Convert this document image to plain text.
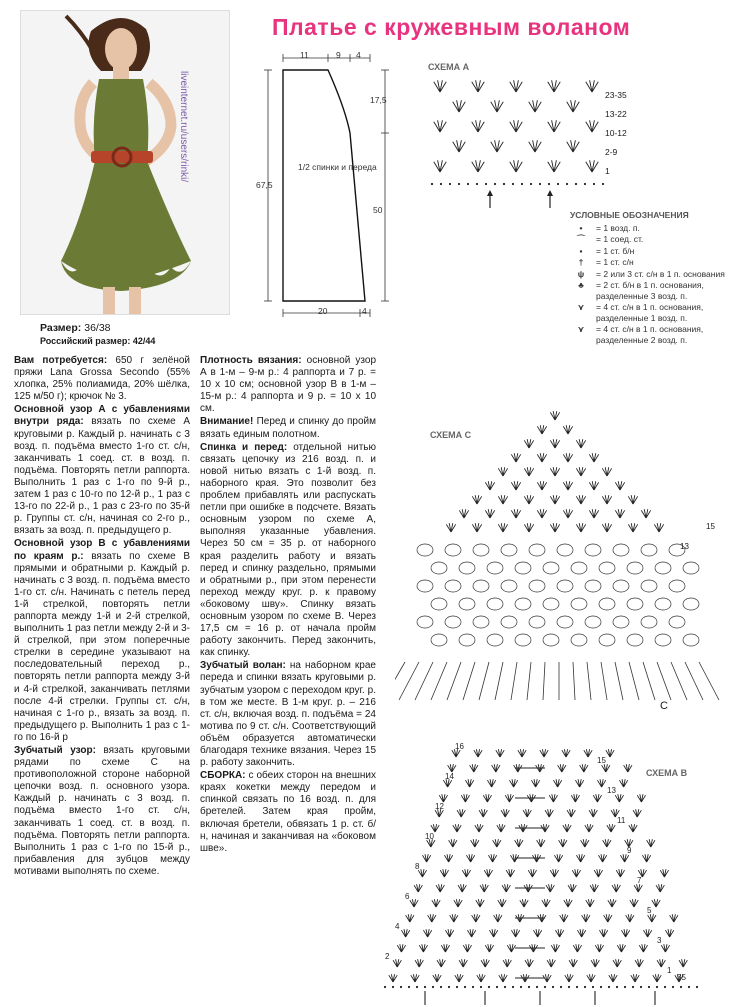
liveinternet.ru/users/rinki/
Платье с кружевным воланом
Размер: 36/38
Российский размер: 42/44
11	9 4
67,5
17,5
50
20	4
1/2 спинки и переда
СХЕМА А
23-35
13-22
10-12
2-9
1
УСЛОВНЫЕ ОБОЗНАЧЕНИЯ
•	= 1 возд. п.
⌒	= 1 соед. ст.
▪	= 1 ст. б/н
†	= 1 ст. с/н
ψ	= 2 или 3 ст. с/н в 1 п. основания
♣	= 2 ст. б/н в 1 п. основания, разделенные 3 возд. п.
⋎	= 4 ст. с/н в 1 п. основания, разделенные 1 возд. п.
⋎	= 4 ст. с/н в 1 п. основания, разделенные 2 возд. п.

Вам потребуется: 650 г зелёной пряжи Lana Grossa Secondo (55% хлопка, 25% полиамида, 20% шёлка, 125 м/50 г); крючок № 3.

Основной узор А с убавлениями внутри ряда: вязать по схеме А круговыми р. Каждый р. начинать с 3 возд. п. подъёма вместо 1-го ст. с/н, заканчивать 1 соед. ст. в возд. п. подъёма. Повторять петли раппорта. Выполнить 1 раз с 1-го по 9-й р., затем 1 раз с 10-го по 12-й р., 1 раз с 13-го по 22-й р., 1 раз с 23-го по 35-й р. Группы ст. с/н, начиная со 2-го р., вязать за возд. п. предыдущего р.

Основной узор В с убавлениями по краям р.: вязать по схеме В прямыми и обратными р. Каждый р. начинать с 3 возд. п. подъёма вместо 1-го ст. с/н. Начинать с петель перед 1-й стрелкой, повторять петли раппорта между 1-й и 2-й стрелкой, выполнить 1 раз петли между 2-й и 3-й стрелкой, при этом поперечные стрелки в середине указывают на последовательный переход р., повторять петли раппорта между 3-й и 4-й стрелкой, заканчивать петлями после 4-й стрелки. Группы ст. с/н, начиная с 1-го р., вязать за возд. п. предыдущего р. Выполнить 1 раз с 1-го по 16-й р

Зубчатый узор: вязать круговыми рядами по схеме С на противоположной стороне наборной цепочки возд. п. основного узора. Каждый р. начинать с 3 возд. п. подъёма вместо 1-го ст. с/н, заканчивать 1 соед. ст. в возд. п. подъёма. Повторять петли раппорта. Выполнить 1 раз с 1-го по 15-й р., прибавления для зубцов между мотивами выполнять по схеме.

Плотность вязания: основной узор А в 1-м – 9-м р.: 4 раппорта и 7 р. = 10 х 10 см; основной узор В в 1-м – 15-м р.: 4 раппорта и 9 р. = 10 х 10 см.

Внимание! Перед и спинку до пройм вязать единым полотном.

Спинка и перед: отдельной нитью связать цепочку из 216 возд. п. и новой нитью вязать с 1-й возд. п. наборного края. Это позволит без проблем прибавлять или распускать петли при ошибке в подсчете. Вязать основным узором по схеме А, выполняя указанные убавления. Через 50 см = 35 р. от наборного края разделить работу и вязать перед и спинку раздельно, прямыми и обратными р., при этом перенести переход между круг. р. к правому «боковому шву». Спинку вязать основным узором по схеме В. Через 17,5 см = 16 р. от начала пройм работу закончить. Перед закончить, как спинку.

Зубчатый волан: на наборном крае переда и спинки вязать круговыми р. зубчатым узором с переходом круг. р. в том же месте. В 1-м круг. р. – 216 ст. с/н, включая возд. п. подъёма = 24 мотива по 9 ст. с/н. Соответствующий объём образуется автоматически благодаря технике вязания. Через 15 р. работу закончить.

СБОРКА: с обеих сторон на внешних краях кокетки между передом и спинкой связать по 16 возд. п. для бретелей. Затем края пройм, включая бретели, обвязать 1 р. ст. б/н, начиная и заканчивая на «боковом шве».

СХЕМА С
15
13
С
СХЕМА В
16
14
12
10
8
6
4
2
15
13
11
9
7
5
3
1
35
